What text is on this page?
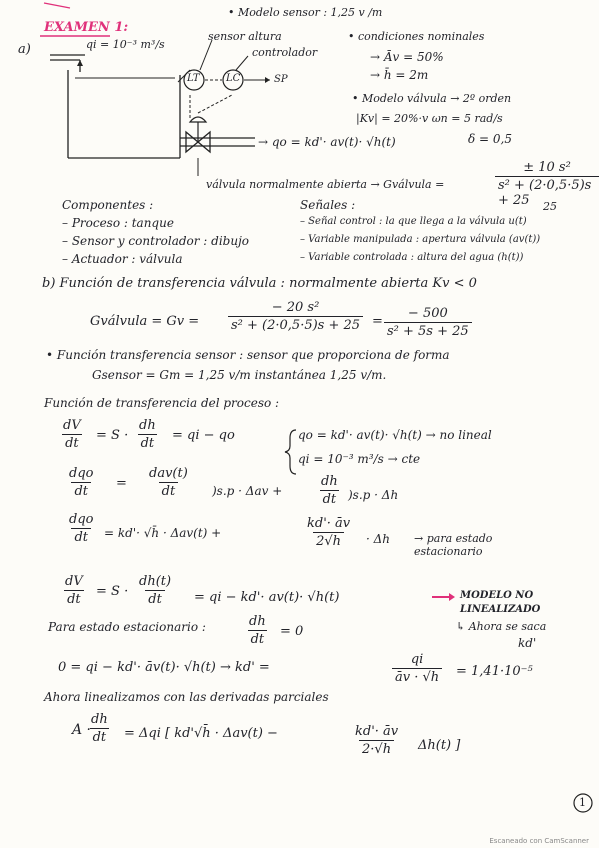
EXAMEN 1:
• Modelo sensor : 1,25 v /m
a)	qi = 10⁻³ m³/s
sensor altura
controlador
LT	LC	SP
→ qo = kd'· av(t)· √h(t)
• condiciones nominales
→ Āv = 50%
→ h̄ = 2m
• Modelo válvula → 2º orden
|Kv| = 20%·v ωn = 5 rad/s
δ = 0,5
válvula normalmente abierta → Gválvula =	$\frac{\text{± 10 s²}}{\text{s² + (2·0,5·5)s + 25}}$
25
Componentes :
– Proceso : tanque
– Sensor y controlador : dibujo
– Actuador : válvula
Señales :
– Señal control : la que llega a la válvula u(t)
– Variable manipulada : apertura válvula (av(t))
– Variable controlada : altura del agua (h(t))
b) Función de transferencia válvula : normalmente abierta Kv < 0
Gválvula = $Gv = \frac{\text{− 20 s²}}{\text{s² + (2·0,5·5)s + 25}} = \frac{- 500}{\text{s² + 5s + 25}}$
• Función transferencia sensor : sensor que proporciona de forma
Gsensor = Gm = 1,25 v/m instantánea 1,25 v/m.
Función de transferencia del proceso :
$\frac{dV}{dt} = S \cdot \frac{dh}{dt}$ = qi − qo	qo = kd'· av(t)· √h(t) → no lineal
qi = 10⁻³ m³/s → cte
dqo
dt
=
dav(t)
dt	)s.p · Δav +	$\frac{dh}{dt} )s.p \cdot \Delta h$
dqo
dt = kd'· √h̄ · Δav(t) +	$\frac{kd'\cdot āv}{2√h̄} \cdot \Delta h$ → para estado estacionario
$\frac{dV}{dt} = S \cdot \frac{dh(t)}{dt}$ = qi − kd'· av(t)· √h(t)	MODELO NO
LINEALIZADO
↳ Ahora se saca
kd'
Para estado estacionario :	$\frac{dh}{dt} = 0$
0 = qi − kd'· āv(t)· √h(t) → kd' =	$\frac{qi}{āv \cdot √h̄} = 1,41\cdot 10^{-5}$
Ahora linealizamos con las derivadas parciales
A ·
$\frac{dh}{dt} = \Delta qi$ [ kd'√h̄ · Δav(t) −	$\frac{kd'\cdot āv}{2\cdot√h̄} \Delta h(t)$ ]
1
Escaneado con CamScanner
